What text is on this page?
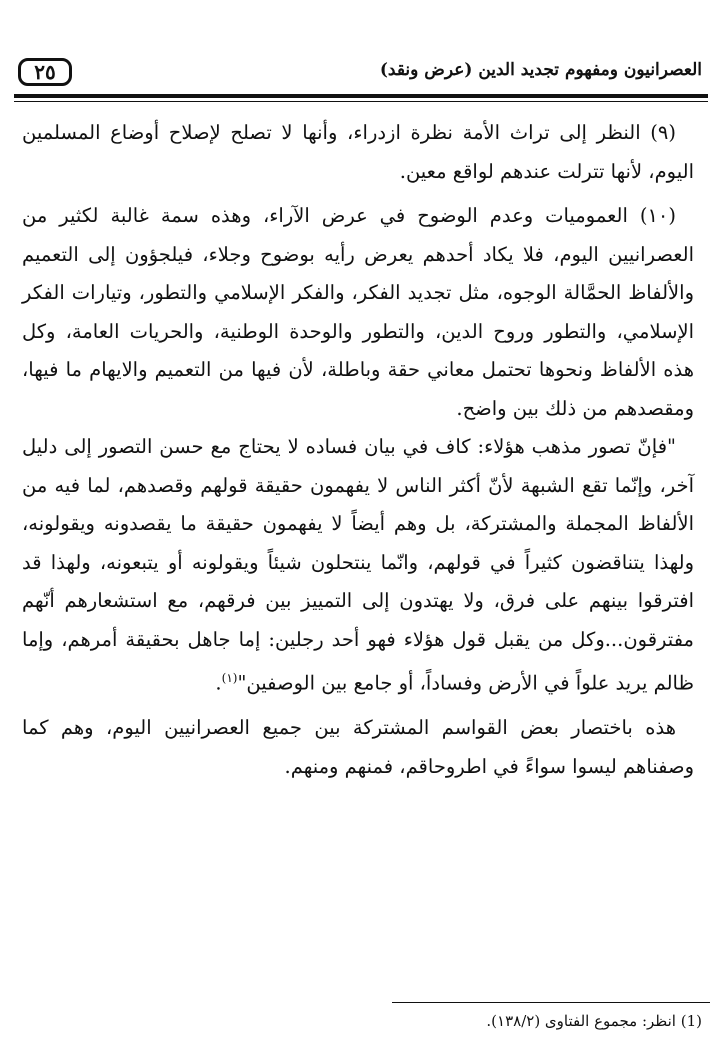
٢٥	العصرانيون ومفهوم تجديد الدين (عرض ونقد)

(٩) النظر إلى تراث الأمة نظرة ازدراء، وأنها لا تصلح لإصلاح أوضاع المسلمين اليوم، لأنها تترلت عندهم لواقع معين.

(١٠) العموميات وعدم الوضوح في عرض الآراء، وهذه سمة غالبة لكثير من العصرانيين اليوم، فلا يكاد أحدهم يعرض رأيه بوضوح وجلاء، فيلجؤون إلى التعميم والألفاظ الحمَّالة الوجوه، مثل تجديد الفكر، والفكر الإسلامي والتطور، وتيارات الفكر الإسلامي، والتطور وروح الدين، والتطور والوحدة الوطنية، والحريات العامة، وكل هذه الألفاظ ونحوها تحتمل معاني حقة وباطلة، لأن فيها من التعميم والايهام ما فيها، ومقصدهم من ذلك بين واضح.

"فإنّ تصور مذهب هؤلاء: كاف في بيان فساده لا يحتاج مع حسن التصور إلى دليل آخر، وإنّما تقع الشبهة لأنّ أكثر الناس لا يفهمون حقيقة قولهم وقصدهم، لما فيه من الألفاظ المجملة والمشتركة، بل وهم أيضاً لا يفهمون حقيقة ما يقصدونه ويقولونه، ولهذا يتناقضون كثيراً في قولهم، وانّما ينتحلون شيئاً ويقولونه أو يتبعونه، ولهذا قد افترقوا بينهم على فرق، ولا يهتدون إلى التمييز بين فرقهم، مع استشعارهم أنّهم مفترقون...وكل من يقبل قول هؤلاء فهو أحد رجلين: إما جاهل بحقيقة أمرهم، وإما ظالم يريد علواً في الأرض وفساداً، أو جامع بين الوصفين"$^{(١)}$.

هذه باختصار بعض القواسم المشتركة بين جميع العصرانيين اليوم، وهم كما وصفناهم ليسوا سواءً في اطروحاقم، فمنهم ومنهم.

(1) انظر: مجموع الفتاوى (١٣٨/٢).
